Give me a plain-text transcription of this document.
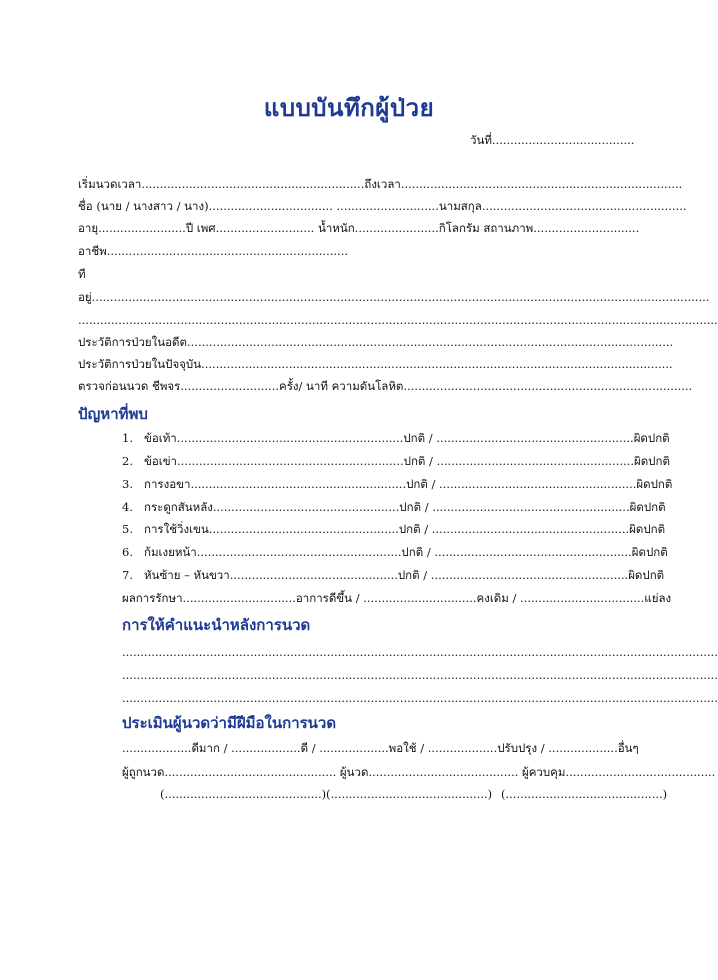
แบบบันทึกผู้ป่วย
วันที่.......................................
เริ่มนวดเวลา.............................................................ถึงเวลา.............................................................................
ชื่อ (นาย / นางสาว / นาง).................................. ............................นามสกุล........................................................
อายุ........................ปี เพศ........................... น้ำหนัก.......................กิโลกรัม สถานภาพ.............................
อาชีพ..................................................................
ที
อยู่.........................................................................................................................................................................
...............................................................................................................................................................................
ประวัติการป่วยในอดีต.....................................................................................................................................
ประวัติการป่วยในปัจจุบัน.................................................................................................................................
ตรวจก่อนนวด ชีพจร...........................ครั้ง/ นาที ความดันโลหิต...............................................................................
ปัญหาที่พบ
1. ข้อเท้า..............................................................ปกติ / ......................................................ผิดปกติ
2. ข้อเข่า..............................................................ปกติ / ......................................................ผิดปกติ
3. การงอขา...........................................................ปกติ / ......................................................ผิดปกติ
4. กระดูกสันหลัง...................................................ปกติ / ......................................................ผิดปกติ
5. การใช้วิ่งเขน....................................................ปกติ / ......................................................ผิดปกติ
6. ก้มเงยหน้า........................................................ปกติ / ......................................................ผิดปกติ
7. หันซ้าย – หันขวา..............................................ปกติ / ......................................................ผิดปกติ
ผลการรักษา...............................อาการดีขึ้น / ...............................คงเดิม / ..................................แย่ลง
การให้คำแนะนำหลังการนวด
...................................................................................................................................................................
...................................................................................................................................................................
...................................................................................................................................................................
ประเมินผู้นวดว่ามีฝีมือในการนวด
...................ดีมาก / ...................ดี / ...................พอใช้ / ...................ปรับปรุง / ...................อื่นๆ
ผู้ถูกนวด............................................... ผู้นวด......................................... ผู้ควบคุม.........................................
(...........................................) (...........................................) (...........................................)
